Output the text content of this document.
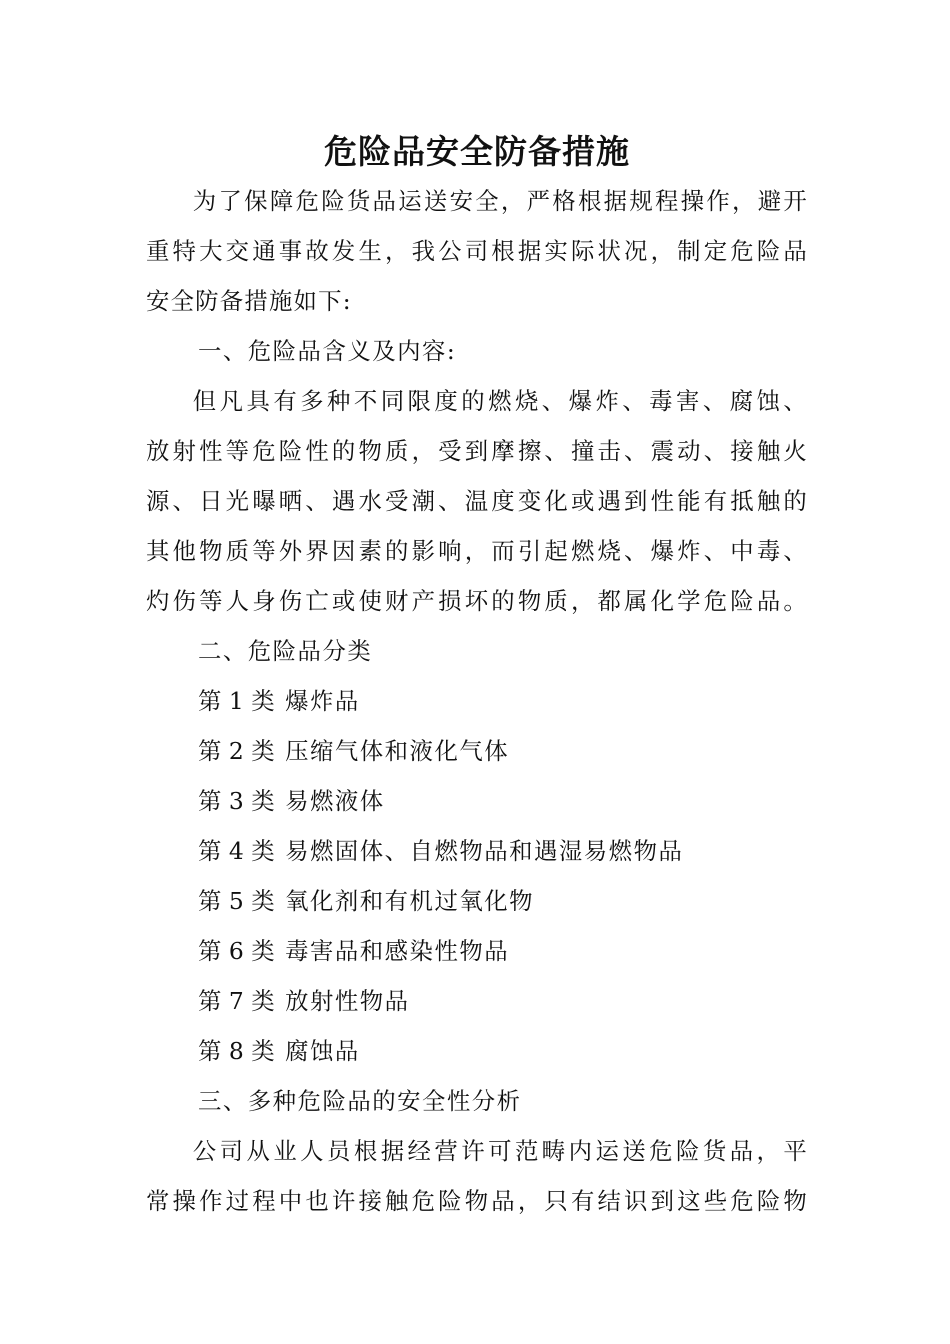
危险品安全防备措施

为了保障危险货品运送安全，严格根据规程操作，避开

重特大交通事故发生，我公司根据实际状况，制定危险品

安全防备措施如下:

一、危险品含义及内容:

但凡具有多种不同限度的燃烧、爆炸、毒害、腐蚀、

放射性等危险性的物质，受到摩擦、撞击、震动、接触火

源、日光曝晒、遇水受潮、温度变化或遇到性能有抵触的

其他物质等外界因素的影响，而引起燃烧、爆炸、中毒、

灼伤等人身伤亡或使财产损坏的物质，都属化学危险品。

二、危险品分类

第 1 类 爆炸品

第 2 类 压缩气体和液化气体

第 3 类 易燃液体

第 4 类 易燃固体、自燃物品和遇湿易燃物品

第 5 类 氧化剂和有机过氧化物

第 6 类 毒害品和感染性物品

第 7 类 放射性物品

第 8 类 腐蚀品

三、多种危险品的安全性分析

公司从业人员根据经营许可范畴内运送危险货品，平

常操作过程中也许接触危险物品，只有结识到这些危险物
